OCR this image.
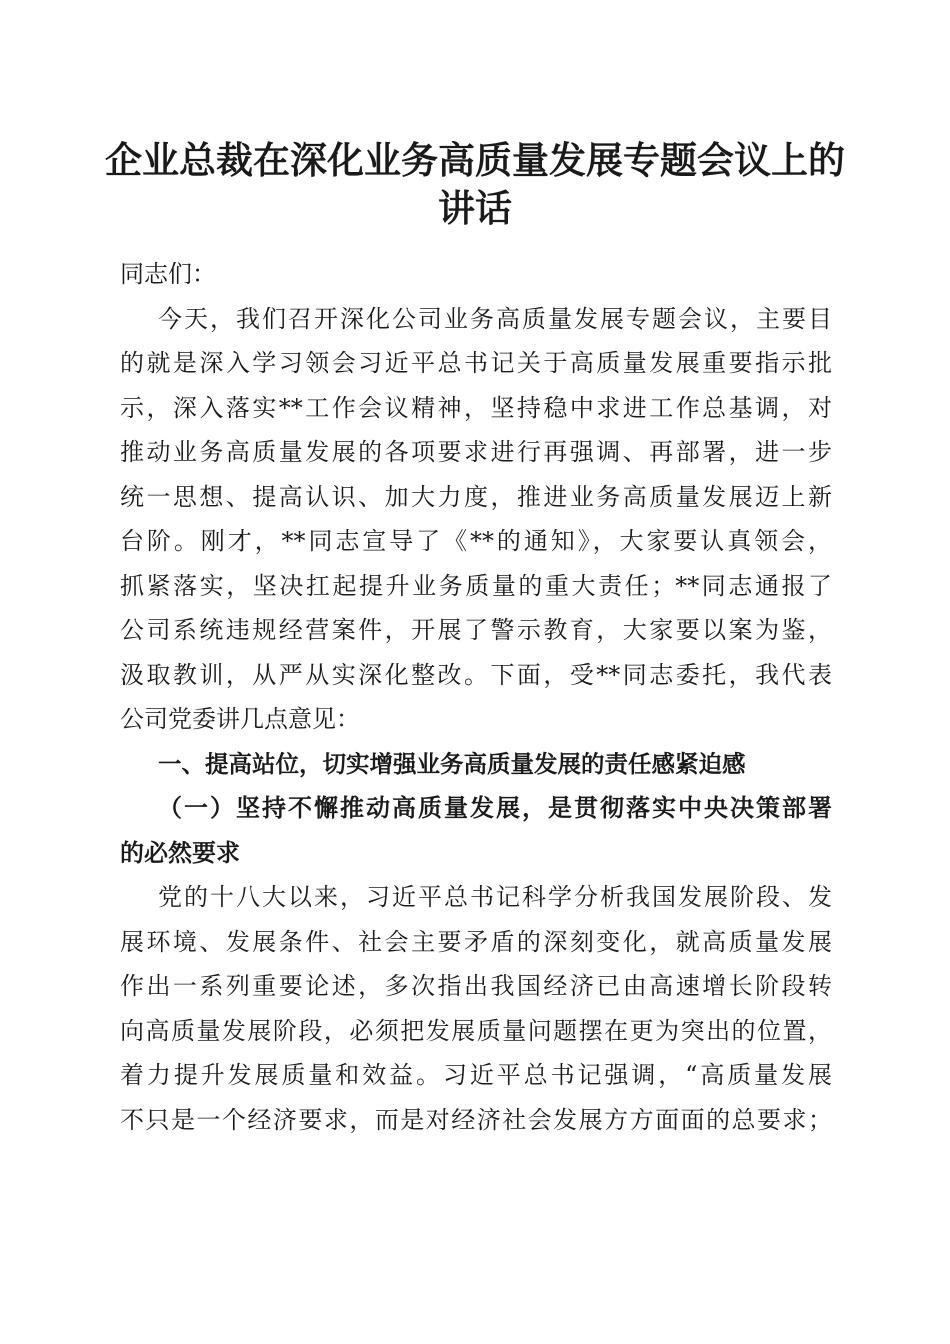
企业总裁在深化业务高质量发展专题会议上的
讲话
同志们：
今天，我们召开深化公司业务高质量发展专题会议，主要目
的就是深入学习领会习近平总书记关于高质量发展重要指示批
示，深入落实**工作会议精神，坚持稳中求进工作总基调，对
推动业务高质量发展的各项要求进行再强调、再部署，进一步
统一思想、提高认识、加大力度，推进业务高质量发展迈上新
台阶。刚才，**同志宣导了《**的通知》，大家要认真领会，
抓紧落实，坚决扛起提升业务质量的重大责任；**同志通报了
公司系统违规经营案件，开展了警示教育，大家要以案为鉴，
汲取教训，从严从实深化整改。下面，受**同志委托，我代表
公司党委讲几点意见：
一、提高站位，切实增强业务高质量发展的责任感紧迫感
（一）坚持不懈推动高质量发展，是贯彻落实中央决策部署
的必然要求
党的十八大以来，习近平总书记科学分析我国发展阶段、发
展环境、发展条件、社会主要矛盾的深刻变化，就高质量发展
作出一系列重要论述，多次指出我国经济已由高速增长阶段转
向高质量发展阶段，必须把发展质量问题摆在更为突出的位置，
着力提升发展质量和效益。习近平总书记强调，“高质量发展
不只是一个经济要求，而是对经济社会发展方方面面的总要求；
